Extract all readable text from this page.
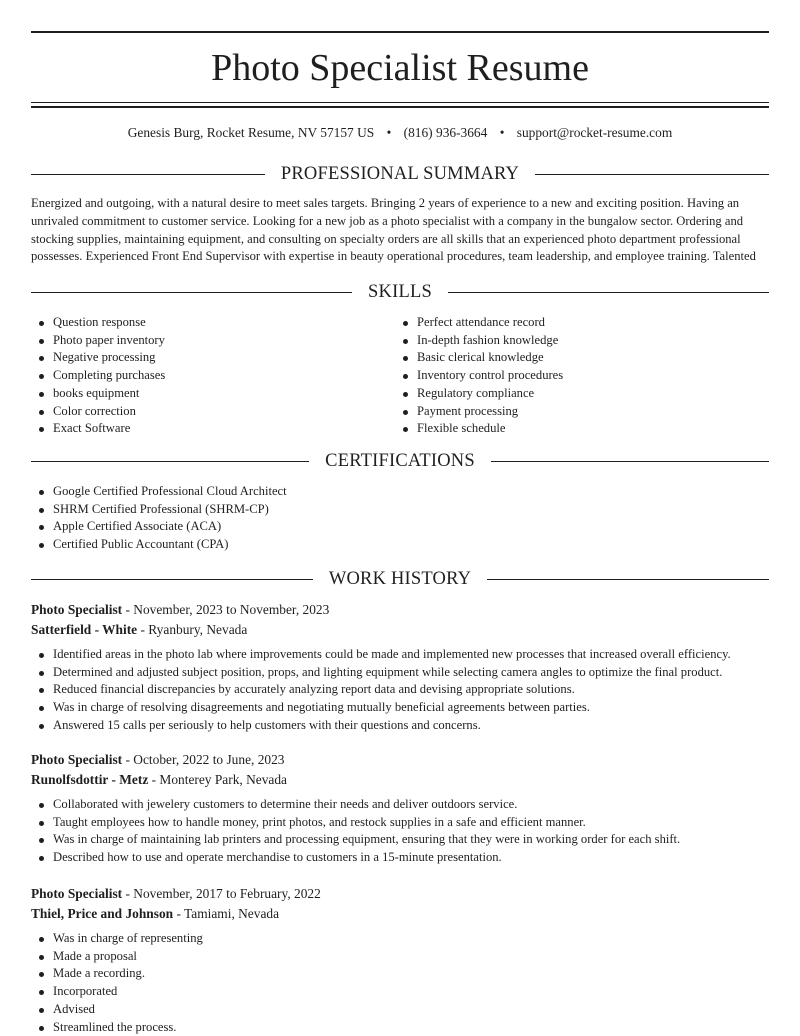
Photo Specialist Resume
Genesis Burg, Rocket Resume, NV 57157 US • (816) 936-3664 • support@rocket-resume.com
PROFESSIONAL SUMMARY

Energized and outgoing, with a natural desire to meet sales targets. Bringing 2 years of experience to a new and exciting position. Having an unrivaled commitment to customer service. Looking for a new job as a photo specialist with a company in the bungalow sector. Ordering and stocking supplies, maintaining equipment, and consulting on specialty orders are all skills that an experienced photo department professional possesses. Experienced Front End Supervisor with expertise in beauty operational procedures, team leadership, and employee training. Talented

SKILLS
Question response
Photo paper inventory
Negative processing
Completing purchases
books equipment
Color correction
Exact Software
Perfect attendance record
In-depth fashion knowledge
Basic clerical knowledge
Inventory control procedures
Regulatory compliance
Payment processing
Flexible schedule
CERTIFICATIONS
Google Certified Professional Cloud Architect
SHRM Certified Professional (SHRM-CP)
Apple Certified Associate (ACA)
Certified Public Accountant (CPA)
WORK HISTORY
Photo Specialist - November, 2023 to November, 2023
Satterfield - White - Ryanbury, Nevada
Identified areas in the photo lab where improvements could be made and implemented new processes that increased overall efficiency.
Determined and adjusted subject position, props, and lighting equipment while selecting camera angles to optimize the final product.
Reduced financial discrepancies by accurately analyzing report data and devising appropriate solutions.
Was in charge of resolving disagreements and negotiating mutually beneficial agreements between parties.
Answered 15 calls per seriously to help customers with their questions and concerns.
Photo Specialist - October, 2022 to June, 2023
Runolfsdottir - Metz - Monterey Park, Nevada
Collaborated with jewelery customers to determine their needs and deliver outdoors service.
Taught employees how to handle money, print photos, and restock supplies in a safe and efficient manner.
Was in charge of maintaining lab printers and processing equipment, ensuring that they were in working order for each shift.
Described how to use and operate merchandise to customers in a 15-minute presentation.
Photo Specialist - November, 2017 to February, 2022
Thiel, Price and Johnson - Tamiami, Nevada
Was in charge of representing
Made a proposal
Made a recording.
Incorporated
Advised
Streamlined the process.
